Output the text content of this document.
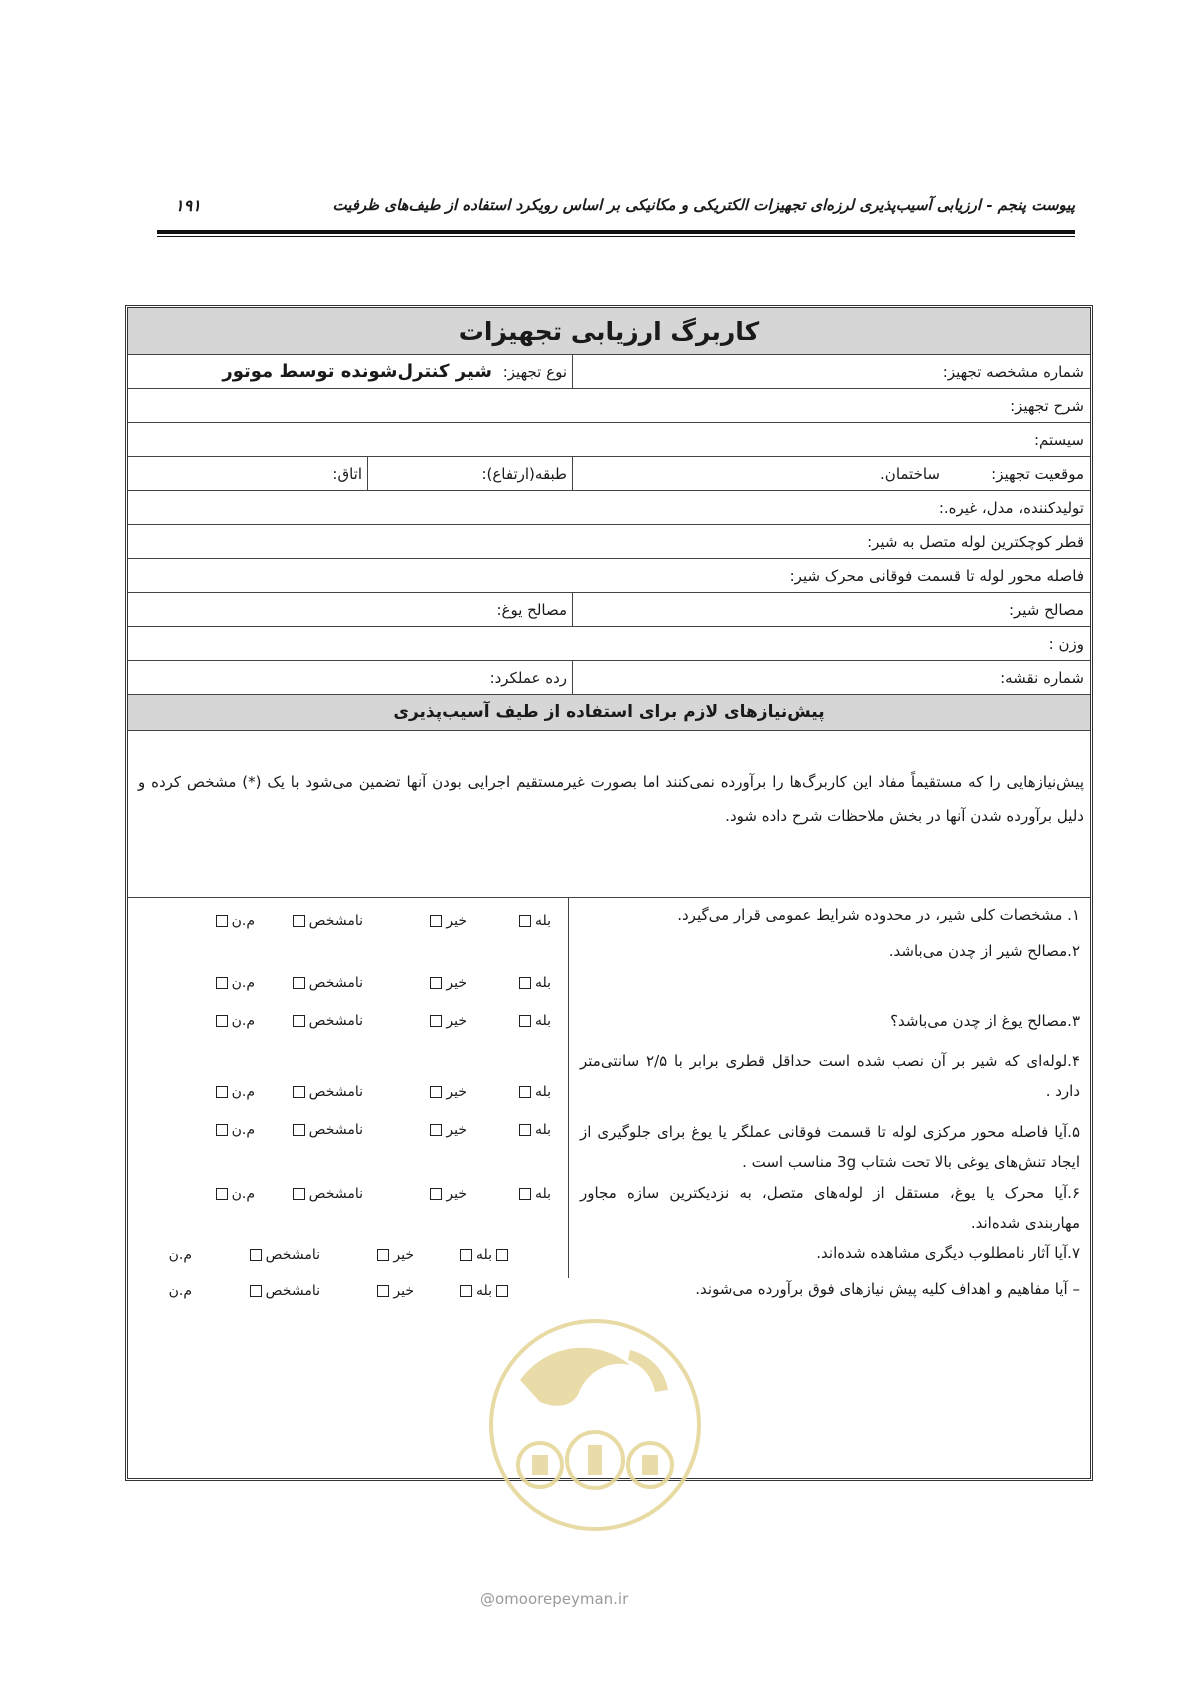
پیوست پنجم - ارزیابی آسیب‌پذیری لرزه‌ای تجهیزات الکتریکی و مکانیکی بر اساس رویکرد استفاده از طیف‌های ظرفیت
۱۹۱
کاربرگ ارزیابی تجهیزات
شماره مشخصه تجهیز:
نوع تجهیز:
شیر کنترل‌شونده توسط موتور
شرح تجهیز:
سیستم:
موقعیت تجهیز:
ساختمان.
طبقه(ارتفاع):
اتاق:
تولیدکننده، مدل، غیره.:
قطر کوچکترین لوله متصل به شیر:
فاصله محور لوله تا قسمت فوقانی محرک شیر:
مصالح شیر:
مصالح یوغ:
وزن :
شماره نقشه:
رده عملکرد:
پیش‌نیازهای لازم برای استفاده از طیف آسیب‌پذیری

پیش‌نیازهایی را که مستقیماً مفاد این کاربرگ‌ها را برآورده نمی‌کنند اما بصورت غیرمستقیم اجرایی بودن آنها تضمین می‌شود با یک (*) مشخص کرده و دلیل برآورده شدن آنها در بخش ملاحظات شرح داده شود.

۱. مشخصات کلی شیر، در محدوده شرایط عمومی قرار می‌گیرد.

۲.مصالح شیر از چدن می‌باشد.

۳.مصالح یوغ از چدن می‌باشد؟

۴.لوله‌ای که شیر بر آن نصب شده است حداقل قطری برابر با ۲/۵ سانتی‌متر دارد .

۵.آیا فاصله محور مرکزی لوله تا قسمت فوقانی عملگر یا یوغ برای جلوگیری از ایجاد تنش‌های یوغی بالا تحت شتاب 3g مناسب است .

۶.آیا محرک یا یوغ، مستقل از لوله‌های متصل، به نزدیکترین سازه مجاور مهاربندی شده‌اند.

۷.آیا آثار نامطلوب دیگری مشاهده شده‌اند.

– آیا مفاهیم و اهداف کلیه پیش نیازهای فوق برآورده می‌شوند.

بله
خیر
نامشخص
م.ن
بله
خیر
نامشخص
م.ن
بله
خیر
نامشخص
م.ن
بله
خیر
نامشخص
م.ن
بله
خیر
نامشخص
م.ن
بله
خیر
نامشخص
م.ن
بله
خیر
نامشخص
م.ن
بله
خیر
نامشخص
م.ن
@omoorepeyman.ir
